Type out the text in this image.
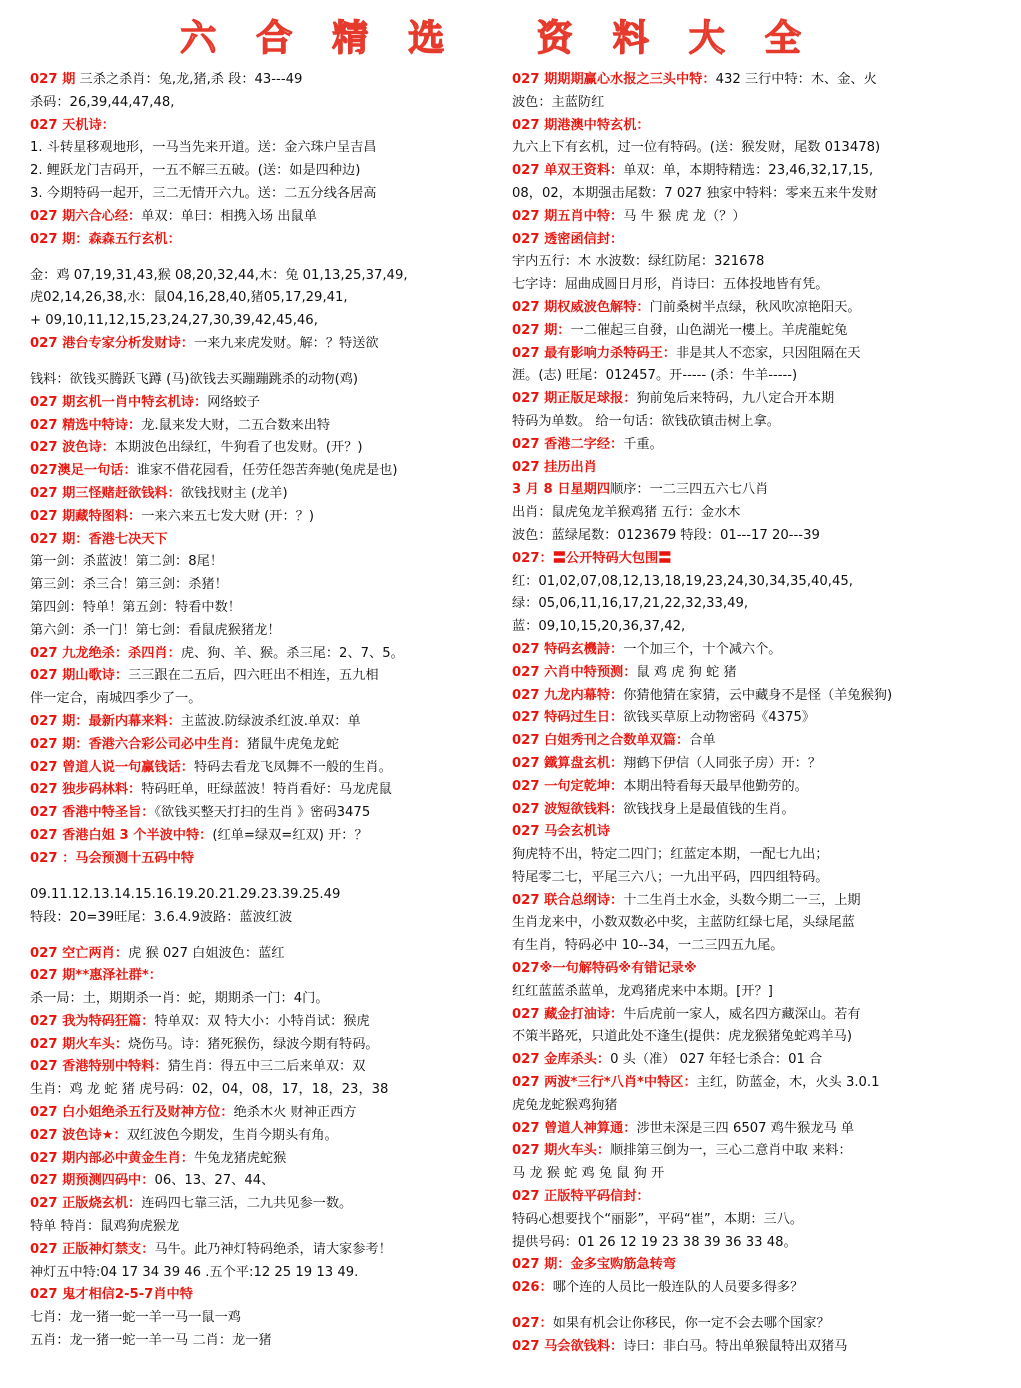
六合精选 资料大全
027 期 三杀之杀肖：兔,龙,猪,杀 段：43---49
杀码：26,39,44,47,48,
027 天机诗：
1. 斗转星移观地形，一马当先来开道。送：金六珠户呈吉昌
2. 鲤跃龙门吉码开，一五不解三五破。(送：如是四种边)
3. 今期特码一起开，三二无情开六九。送：二五分线各居高
027 期六合心经：单双：单曰：相携入场 出鼠单
027 期：森森五行玄机：
金：鸡 07,19,31,43,猴 08,20,32,44,木：兔 01,13,25,37,49,
虎02,14,26,38,水：鼠04,16,28,40,猪05,17,29,41,
+ 09,10,11,12,15,23,24,27,30,39,42,45,46,
027 港台专家分析发财诗：一来九来虎发财。解：？特送欲
钱料：欲钱买腾跃飞蹲 (马)欲钱去买蹦蹦跳杀的动物(鸡)
027 期玄机一肖中特玄机诗：网络蛟子
027 精选中特诗：龙.鼠来发大财，二五合数来出特
027 波色诗：本期波色出绿红，牛狗看了也发财。(开？)
027澳足一句话：谁家不借花园看，任劳任怨苦奔驰(兔虎是也)
027 期三怪赌赶欲钱料：欲钱找财主 (龙羊)
027 期藏特图料：一来六来五七发大财 (开：？)
027 期：香港七决天下
第一剑：杀蓝波！第二剑：8尾！
第三剑：杀三合！第三剑：杀猪！
第四剑：特单！第五剑：特看中数！
第六剑：杀一门！第七剑：看鼠虎猴猪龙！
027 九龙绝杀：杀四肖：虎、狗、羊、猴。杀三尾：2、7、5。
027 期山歌诗：三三跟在二五后，四六旺出不相连，五九相
伴一定合，南城四季少了一。
027 期：最新内幕来料：主蓝波.防绿波杀红波.单双：单
027 期：香港六合彩公司必中生肖：猪鼠牛虎兔龙蛇
027 曾道人说一句赢钱话：特码去看龙飞凤舞不一般的生肖。
027 独步码林料：特码旺单，旺绿蓝波！特肖看好：马龙虎鼠
027 香港中特圣旨：《欲钱买整天打扫的生肖 》密码3475
027 香港白姐 3 个半波中特：(红单=绿双=红双) 开：？
027 ：马会预测十五码中特
09.11.12.13.14.15.16.19.20.21.29.23.39.25.49
特段：20=39旺尾：3.6.4.9波路：蓝波红波
027 空亡两肖：虎 猴 027 白姐波色：蓝红
027 期**惠泽社群*：
杀一局：土，期期杀一肖：蛇，期期杀一门：4门。
027 我为特码狂篇：特单双：双 特大小：小特肖试：猴虎
027 期火车头：烧伤马。诗：猪死猴伤，绿波今期有特码。
027 香港特别中特料：猜生肖：得五中三二后来单双：双
生肖：鸡 龙 蛇 猪 虎号码：02，04，08，17，18，23，38
027 白小姐绝杀五行及财神方位：绝杀木火 财神正西方
027 波色诗★：双红波色今期发，生肖今期头有角。
027 期内部必中黄金生肖：牛兔龙猪虎蛇猴
027 期预测四码中：06、13、27、44、
027 正版烧玄机：连码四七靠三活，二九共见参一数。
特单 特肖：鼠鸡狗虎猴龙
027 正版神灯禁支：马牛。此乃神灯特码绝杀，请大家参考！
神灯五中特:04 17 34 39 46 .五个平:12 25 19 13 49.
027 鬼才相信2-5-7肖中特
七肖：龙一猪一蛇一羊一马一鼠一鸡
五肖：龙一猪一蛇一羊一马 二肖：龙一猪
027 期期期赢心水报之三头中特：432 三行中特：木、金、火
波色：主蓝防红
027 期港澳中特玄机：
九六上下有玄机，过一位有特码。(送：猴发财，尾数 013478)
027 单双王资料：单双：单，本期特精选：23,46,32,17,15,
08，02，本期强击尾数：7 027 独家中特料：零来五来牛发财
027 期五肖中特：马 牛 猴 虎 龙（？）
027 透密函信封：
宇内五行：木 水波数：绿红防尾：321678
七字诗：屈曲成圆日月形，肖诗曰：五体投地皆有凭。
027 期权威波色解特：门前桑树半点绿，秋风吹凉艳阳天。
027 期：一二催起三自發，山色湖光一樓上。羊虎龍蛇兔
027 最有影响力杀特码王：非是其人不恋家，只因阻隔在天
涯。(志) 旺尾：012457。开----- (杀：牛羊-----)
027 期正版足球报：狗前兔后来特码，九八定合开本期
特码为单数。 给一句话：欲钱砍镇击树上拿。
027 香港二字经：千重。
027 挂历出肖
3 月 8 日星期四顺序：一二三四五六七八肖
出肖：鼠虎兔龙羊猴鸡猪 五行：金水木
波色：蓝绿尾数：0123679 特段：01---17 20---39
027：〓公开特码大包围〓
红：01,02,07,08,12,13,18,19,23,24,30,34,35,40,45,
绿：05,06,11,16,17,21,22,32,33,49,
蓝：09,10,15,20,36,37,42,
027 特码玄機詩：一个加三个，十个减六个。
027 六肖中特预测：鼠 鸡 虎 狗 蛇 猪
027 九龙内幕特：你猜他猜在家猜，云中藏身不是怪（羊兔猴狗)
027 特码过生日：欲钱买草原上动物密码《4375》
027 白姐秀刊之合数单双篇：合单
027 鐵算盘玄机：翔鹤下伊信（人同张子房）开：？
027 一句定乾坤：本期出特看每天最早他勤劳的。
027 波短欲钱料：欲钱找身上是最值钱的生肖。
027 马会玄机诗
狗虎特不出，特定二四门；红蓝定本期，一配七九出；
特尾零二七，平尾三六八；一九出平码，四四组特码。
027 联合总纲诗：十二生肖土水金，头数今期二一三，上期
生肖龙来中，小数双数必中奖，主蓝防红绿七尾，头绿尾蓝
有生肖，特码必中 10--34，一二三四五九尾。
027※一句解特码※有错记录※
红红蓝蓝杀蓝单，龙鸡猪虎来中本期。[开？]
027 藏金打油诗：牛后虎前一家人，威名四方藏深山。若有
不策半路死，只道此处不逢生(提供：虎龙猴猪兔蛇鸡羊马)
027 金库杀头：0 头（准） 027 年轻七杀合：01 合
027 两波*三行*八肖*中特区：主红，防蓝金，木，火头 3.0.1
虎兔龙蛇猴鸡狗猪
027 曾道人神算通：涉世未深是三四 6507 鸡牛猴龙马 单
027 期火车头：顺排第三倒为一，三心二意肖中取 来料：
马 龙 猴 蛇 鸡 兔 鼠 狗 开
027 正版特平码信封：
特码心想要找个“丽影”，平码“崔”，本期：三八。
提供号码：01 26 12 19 23 38 39 36 33 48。
027 期：金多宝购筋急转弯
026：哪个连的人员比一般连队的人员要多得多？
027：如果有机会让你移民，你一定不会去哪个国家？
027 马会欲钱料：诗曰：非白马。特出单猴鼠特出双猪马
